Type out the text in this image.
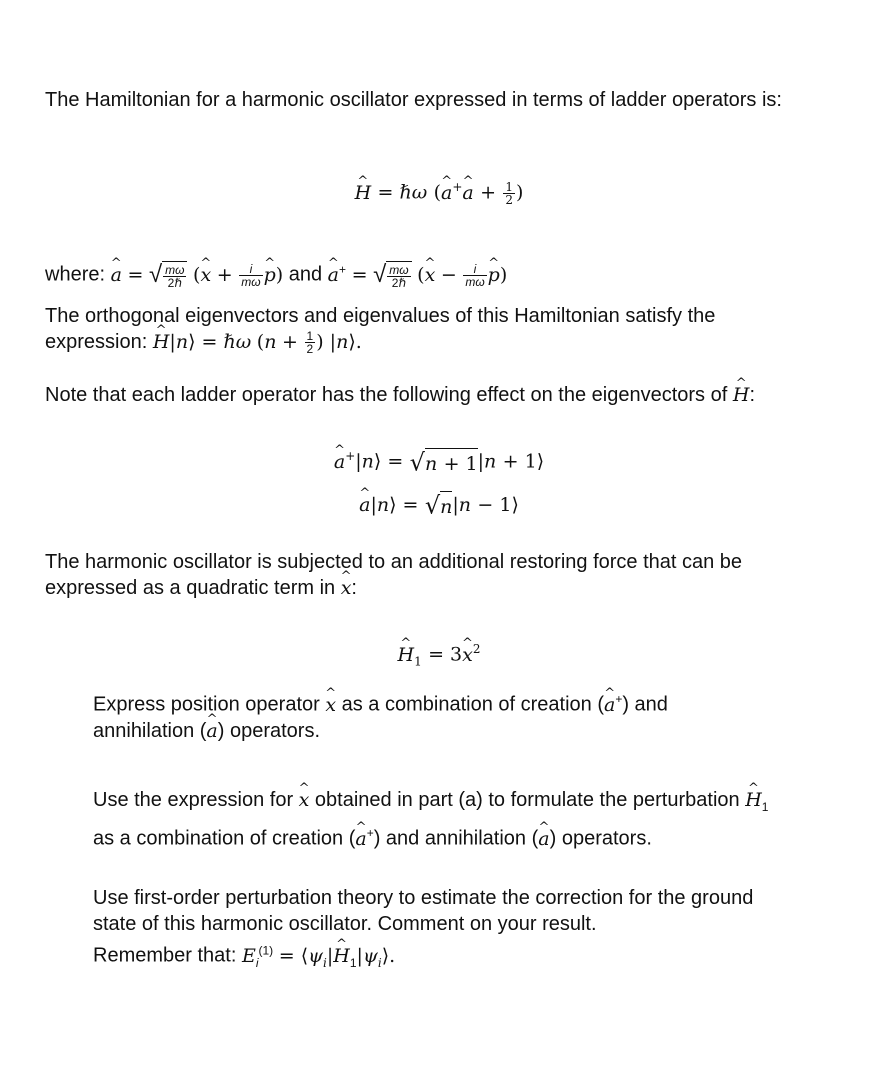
The Hamiltonian for a harmonic oscillator expressed in terms of ladder operators is:
H ^ = ℏω (a ^+a ^ + $\frac{1}{2}$ )
where: a ^ = √ $\frac{m\omega}{\text{2ℏ}} (x$ ^ + $\frac{i}{m\omega}$ p ^) and a ^+ = √ $\frac{m\omega}{\text{2ℏ}} (x$ ^ − $\frac{i}{m\omega}$ p ^)
The orthogonal eigenvectors and eigenvalues of this Hamiltonian satisfy the
expression: H ^|n⟩ = ℏω ($n + \frac{1}{2}$ ) |n⟩.
Note that each ladder operator has the following effect on the eigenvectors of H ^:
a ^+|n⟩ = √n + 1|n + 1⟩
a ^|n⟩ = √n|n − 1⟩
The harmonic oscillator is subjected to an additional restoring force that can be
expressed as a quadratic term in x ^:
H $\^{}_1 = 3x$ ^$^2$
Express position operator x ^ as a combination of creation (a ^+) and
annihilation (a ^) operators.
Use the expression for x ^ obtained in part (a) to formulate the perturbation H $\^{}_1$
as a combination of creation (a ^+) and annihilation (a ^) operators.
Use first-order perturbation theory to estimate the correction for the ground
state of this harmonic oscillator. Comment on your result.
Remember that: $E_i^{(1)}$ = $⟨\psi_i|H$ $\^{}_1|\psi_i⟩$.
